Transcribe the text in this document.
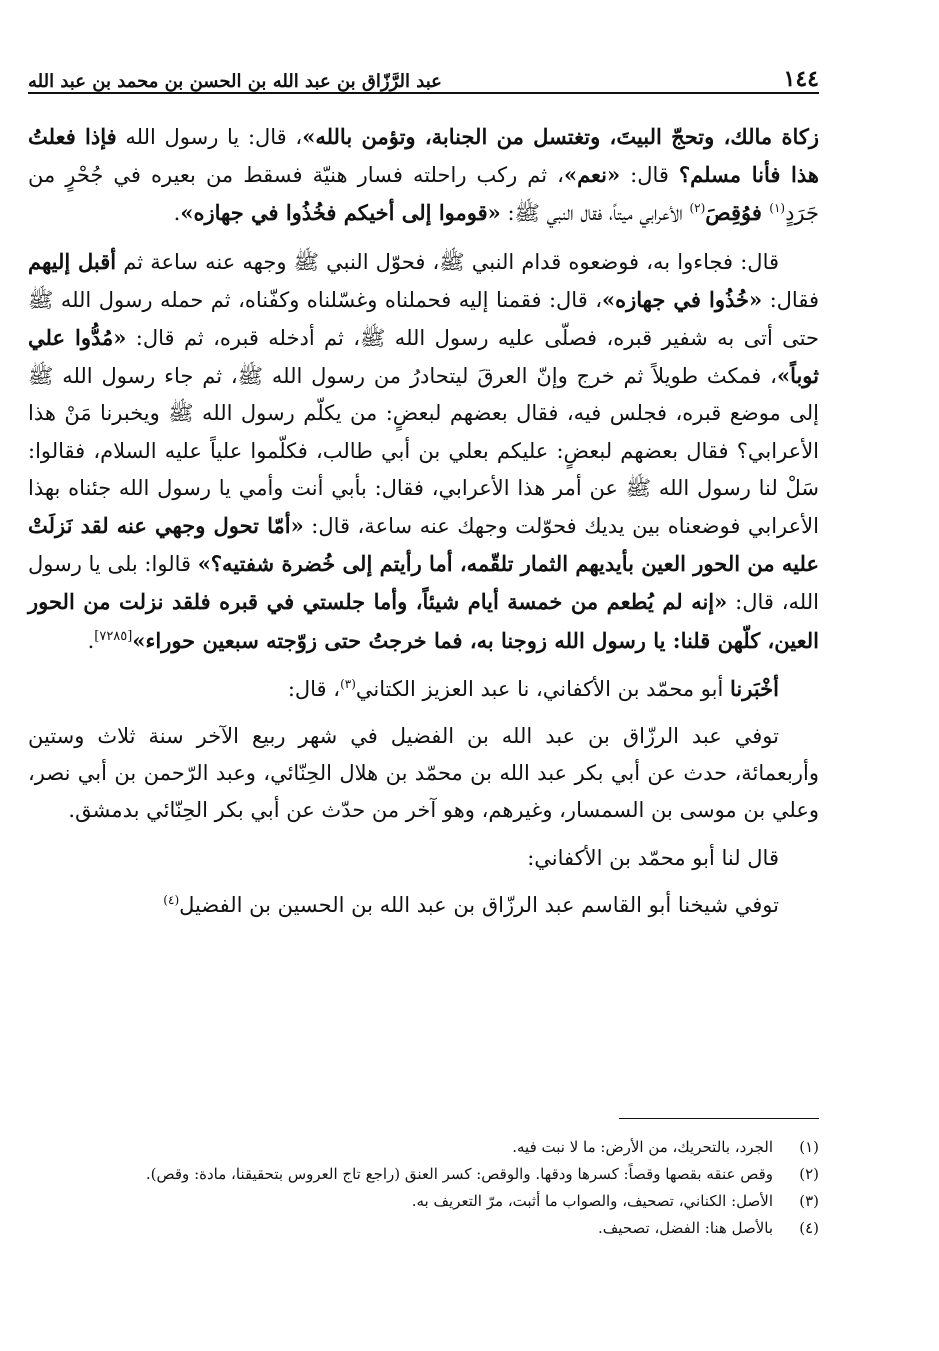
١٤٤
عبد الرَّزّاق بن عبد الله بن الحسن بن محمد بن عبد الله

زكاة مالك، وتحجّ البيتَ، وتغتسل من الجنابة، وتؤمن بالله»، قال: يا رسول الله فإذا فعلتُ هذا فأنا مسلم؟ قال: «نعم»، ثم ركب راحلته فسار هنيّة فسقط من بعيره في جُحْرٍ من جَرَدٍ$^{(١)}$ فوُقِصَ$^{(٢)}$ الأعرابي ميتاً، فقال النبي ﷺ: «قوموا إلى أخيكم فخُذُوا في جهازه».

قال: فجاءوا به، فوضعوه قدام النبي ﷺ، فحوّل النبي ﷺ وجهه عنه ساعة ثم أقبل إليهم فقال: «خُذُوا في جهازه»، قال: فقمنا إليه فحملناه وغسّلناه وكفّناه، ثم حمله رسول الله ﷺ حتى أتى به شفير قبره، فصلّى عليه رسول الله ﷺ، ثم أدخله قبره، ثم قال: «مُدُّوا علي ثوباً»، فمكث طويلاً ثم خرج وإنّ العرقَ ليتحادرُ من رسول الله ﷺ، ثم جاء رسول الله ﷺ إلى موضع قبره، فجلس فيه، فقال بعضهم لبعضٍ: من يكلّم رسول الله ﷺ ويخبرنا مَنْ هذا الأعرابي؟ فقال بعضهم لبعضٍ: عليكم بعلي بن أبي طالب، فكلّموا علياً عليه السلام، فقالوا: سَلْ لنا رسول الله ﷺ عن أمر هذا الأعرابي، فقال: بأبي أنت وأمي يا رسول الله جئناه بهذا الأعرابي فوضعناه بين يديك فحوّلت وجهك عنه ساعة، قال: «أمّا تحول وجهي عنه لقد نَزلَتْ عليه من الحور العين بأيديهم الثمار تلقّمه، أما رأيتم إلى خُضرة شفتيه؟» قالوا: بلى يا رسول الله، قال: «إنه لم يُطعم من خمسة أيام شيئاً، وأما جلستي في قبره فلقد نزلت من الحور العين، كلّهن قلنا: يا رسول الله زوجنا به، فما خرجتُ حتى زوّجته سبعين حوراء»[٧٢٨٥].

أخْبَرنا أبو محمّد بن الأكفاني، نا عبد العزيز الكتاني$^{(٣)}$، قال:

توفي عبد الرزّاق بن عبد الله بن الفضيل في شهر ربيع الآخر سنة ثلاث وستين وأربعمائة، حدث عن أبي بكر عبد الله بن محمّد بن هلال الحِنّائي، وعبد الرّحمن بن أبي نصر، وعلي بن موسى بن السمسار، وغيرهم، وهو آخر من حدّث عن أبي بكر الحِنّائي بدمشق.

قال لنا أبو محمّد بن الأكفاني:

توفي شيخنا أبو القاسم عبد الرزّاق بن عبد الله بن الحسين بن الفضيل$^{(٤)}$

(١)
الجرد، بالتحريك، من الأرض: ما لا نبت فيه.
(٢)
وقص عنقه بقصها وقصاً: كسرها ودقها. والوقص: كسر العنق (راجع تاج العروس بتحقيقنا، مادة: وقص).
(٣)
الأصل: الكناني، تصحيف، والصواب ما أثبت، مرّ التعريف به.
(٤)
بالأصل هنا: الفضل، تصحيف.
